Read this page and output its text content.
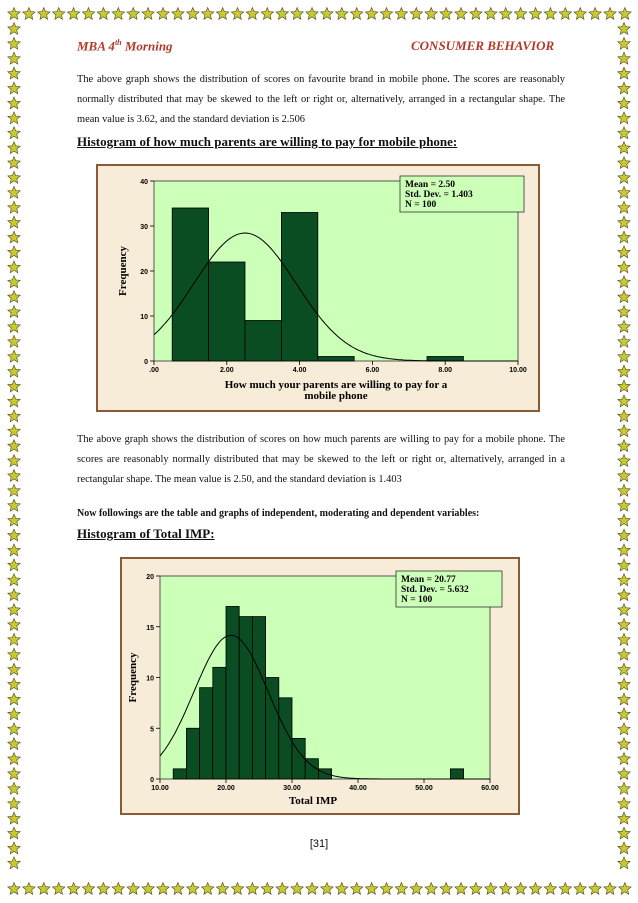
MBA 4th Morning	CONSUMER BEHAVIOR
The above graph shows the distribution of scores on favourite brand in mobile phone. The scores are reasonably normally distributed that may be skewed to the left or right or, alternatively, arranged in a rectangular shape. The mean value is 3.62, and the standard deviation is 2.506
Histogram of how much parents are willing to pay for mobile phone:
0
10
20
30
40
.00	2.00	4.00	6.00	8.00	10.00
Frequency
How much your parents are willing to pay for a
mobile phone
Mean = 2.50
Std. Dev. = 1.403
N = 100
The above graph shows the distribution of scores on how much parents are willing to pay for a mobile phone. The scores are reasonably normally distributed that may be skewed to the left or right or, alternatively, arranged in a rectangular shape. The mean value is 2.50, and the standard deviation is 1.403
Now followings are the table and graphs of independent, moderating and dependent variables:
Histogram of Total IMP:
0
5
10
15
20
10.00	20.00	30.00	40.00	50.00	60.00
Frequency
Total IMP
Mean = 20.77
Std. Dev. = 5.632
N = 100
[31]
